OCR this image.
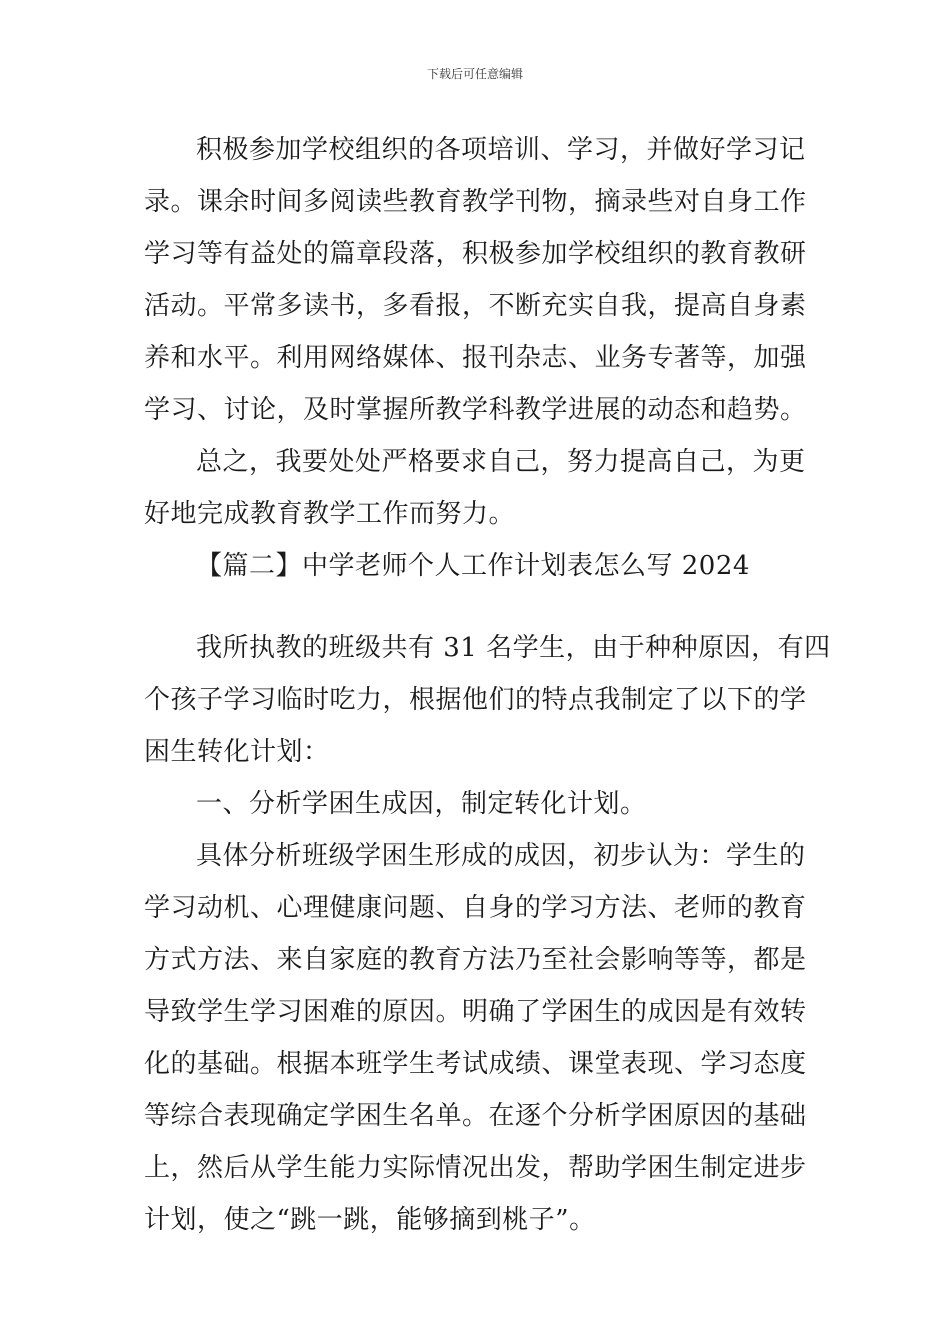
下载后可任意编辑
积极参加学校组织的各项培训、学习，并做好学习记
录。课余时间多阅读些教育教学刊物，摘录些对自身工作
学习等有益处的篇章段落，积极参加学校组织的教育教研
活动。平常多读书，多看报，不断充实自我，提高自身素
养和水平。利用网络媒体、报刊杂志、业务专著等，加强
学习、讨论，及时掌握所教学科教学进展的动态和趋势。
总之，我要处处严格要求自己，努力提高自己，为更
好地完成教育教学工作而努力。
【篇二】中学老师个人工作计划表怎么写 2024
我所执教的班级共有 31 名学生，由于种种原因，有四
个孩子学习临时吃力，根据他们的特点我制定了以下的学
困生转化计划：
一、分析学困生成因，制定转化计划。
具体分析班级学困生形成的成因，初步认为：学生的
学习动机、心理健康问题、自身的学习方法、老师的教育
方式方法、来自家庭的教育方法乃至社会影响等等，都是
导致学生学习困难的原因。明确了学困生的成因是有效转
化的基础。根据本班学生考试成绩、课堂表现、学习态度
等综合表现确定学困生名单。在逐个分析学困原因的基础
上，然后从学生能力实际情况出发，帮助学困生制定进步
计划，使之“跳一跳，能够摘到桃子”。
